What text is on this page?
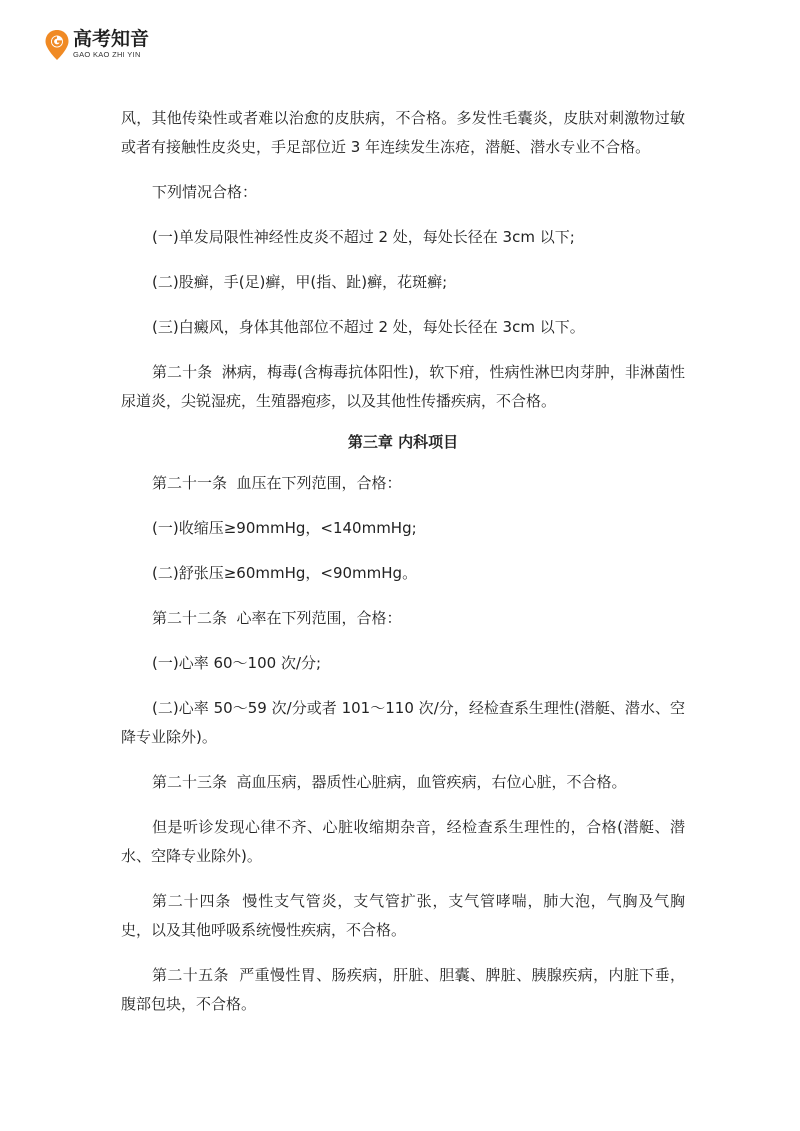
高考知音
GAO KAO ZHI YIN

风，其他传染性或者难以治愈的皮肤病，不合格。多发性毛囊炎，皮肤对刺激物过敏或者有接触性皮炎史，手足部位近 3 年连续发生冻疮，潜艇、潜水专业不合格。

下列情况合格：

(一)单发局限性神经性皮炎不超过 2 处，每处长径在 3cm 以下;

(二)股癣，手(足)癣，甲(指、趾)癣，花斑癣;

(三)白癜风，身体其他部位不超过 2 处，每处长径在 3cm 以下。

第二十条  淋病，梅毒(含梅毒抗体阳性)，软下疳，性病性淋巴肉芽肿，非淋菌性尿道炎，尖锐湿疣，生殖器疱疹，以及其他性传播疾病，不合格。

第三章 内科项目

第二十一条  血压在下列范围，合格：

(一)收缩压≥90mmHg，<140mmHg;

(二)舒张压≥60mmHg，<90mmHg。

第二十二条  心率在下列范围，合格：

(一)心率 60～100 次/分;

(二)心率 50～59 次/分或者 101～110 次/分，经检查系生理性(潜艇、潜水、空降专业除外)。

第二十三条  高血压病，器质性心脏病，血管疾病，右位心脏，不合格。

但是听诊发现心律不齐、心脏收缩期杂音，经检查系生理性的，合格(潜艇、潜水、空降专业除外)。

第二十四条  慢性支气管炎，支气管扩张，支气管哮喘，肺大泡，气胸及气胸史，以及其他呼吸系统慢性疾病，不合格。

第二十五条  严重慢性胃、肠疾病，肝脏、胆囊、脾脏、胰腺疾病，内脏下垂，腹部包块，不合格。
